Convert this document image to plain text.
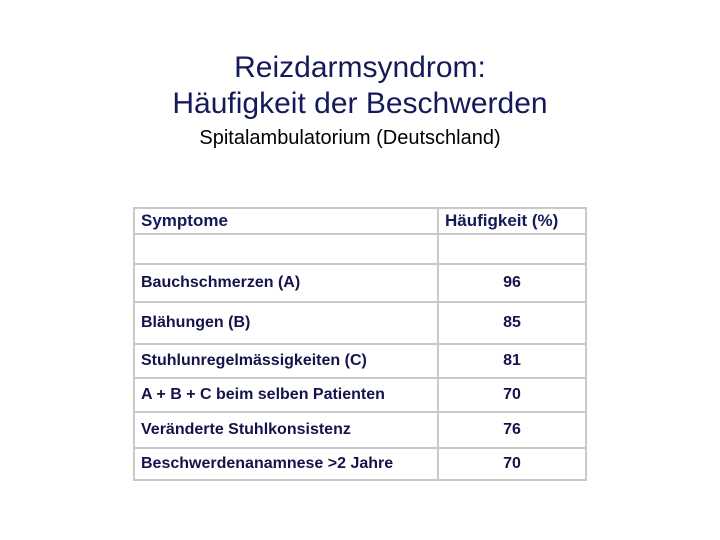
Reizdarmsyndrom:
Häufigkeit der Beschwerden
Spitalambulatorium (Deutschland)
Symptome	Häufigkeit (%)

Bauchschmerzen (A)	96
Blähungen (B)	85
Stuhlunregelmässigkeiten (C)	81
A + B + C beim selben Patienten	70
Veränderte Stuhlkonsistenz	76
Beschwerdenanamnese >2 Jahre	70
